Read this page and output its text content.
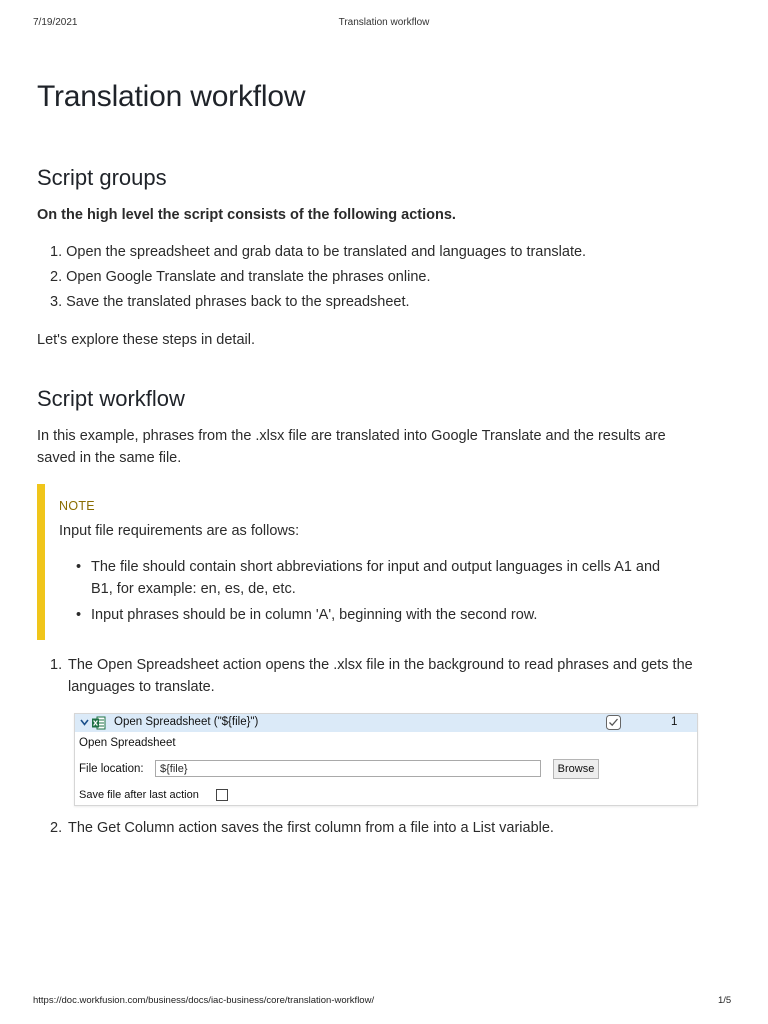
7/19/2021	Translation workflow
Translation workflow
Script groups

On the high level the script consists of the following actions.

1. Open the spreadsheet and grab data to be translated and languages to translate.
2. Open Google Translate and translate the phrases online.
3. Save the translated phrases back to the spreadsheet.

Let's explore these steps in detail.

Script workflow

In this example, phrases from the .xlsx file are translated into Google Translate and the results are

saved in the same file.

NOTE

Input file requirements are as follows:

• The file should contain short abbreviations for input and output languages in cells A1 and
B1, for example: en, es, de, etc.
• Input phrases should be in column 'A', beginning with the second row.
1. The Open Spreadsheet action opens the .xlsx file in the background to read phrases and gets the
languages to translate.
Open Spreadsheet ("${file}")	1
Open Spreadsheet
File location:	${file}	Browse
Save file after last action
2. The Get Column action saves the first column from a file into a List variable.
https://doc.workfusion.com/business/docs/iac-business/core/translation-workflow/	1/5
